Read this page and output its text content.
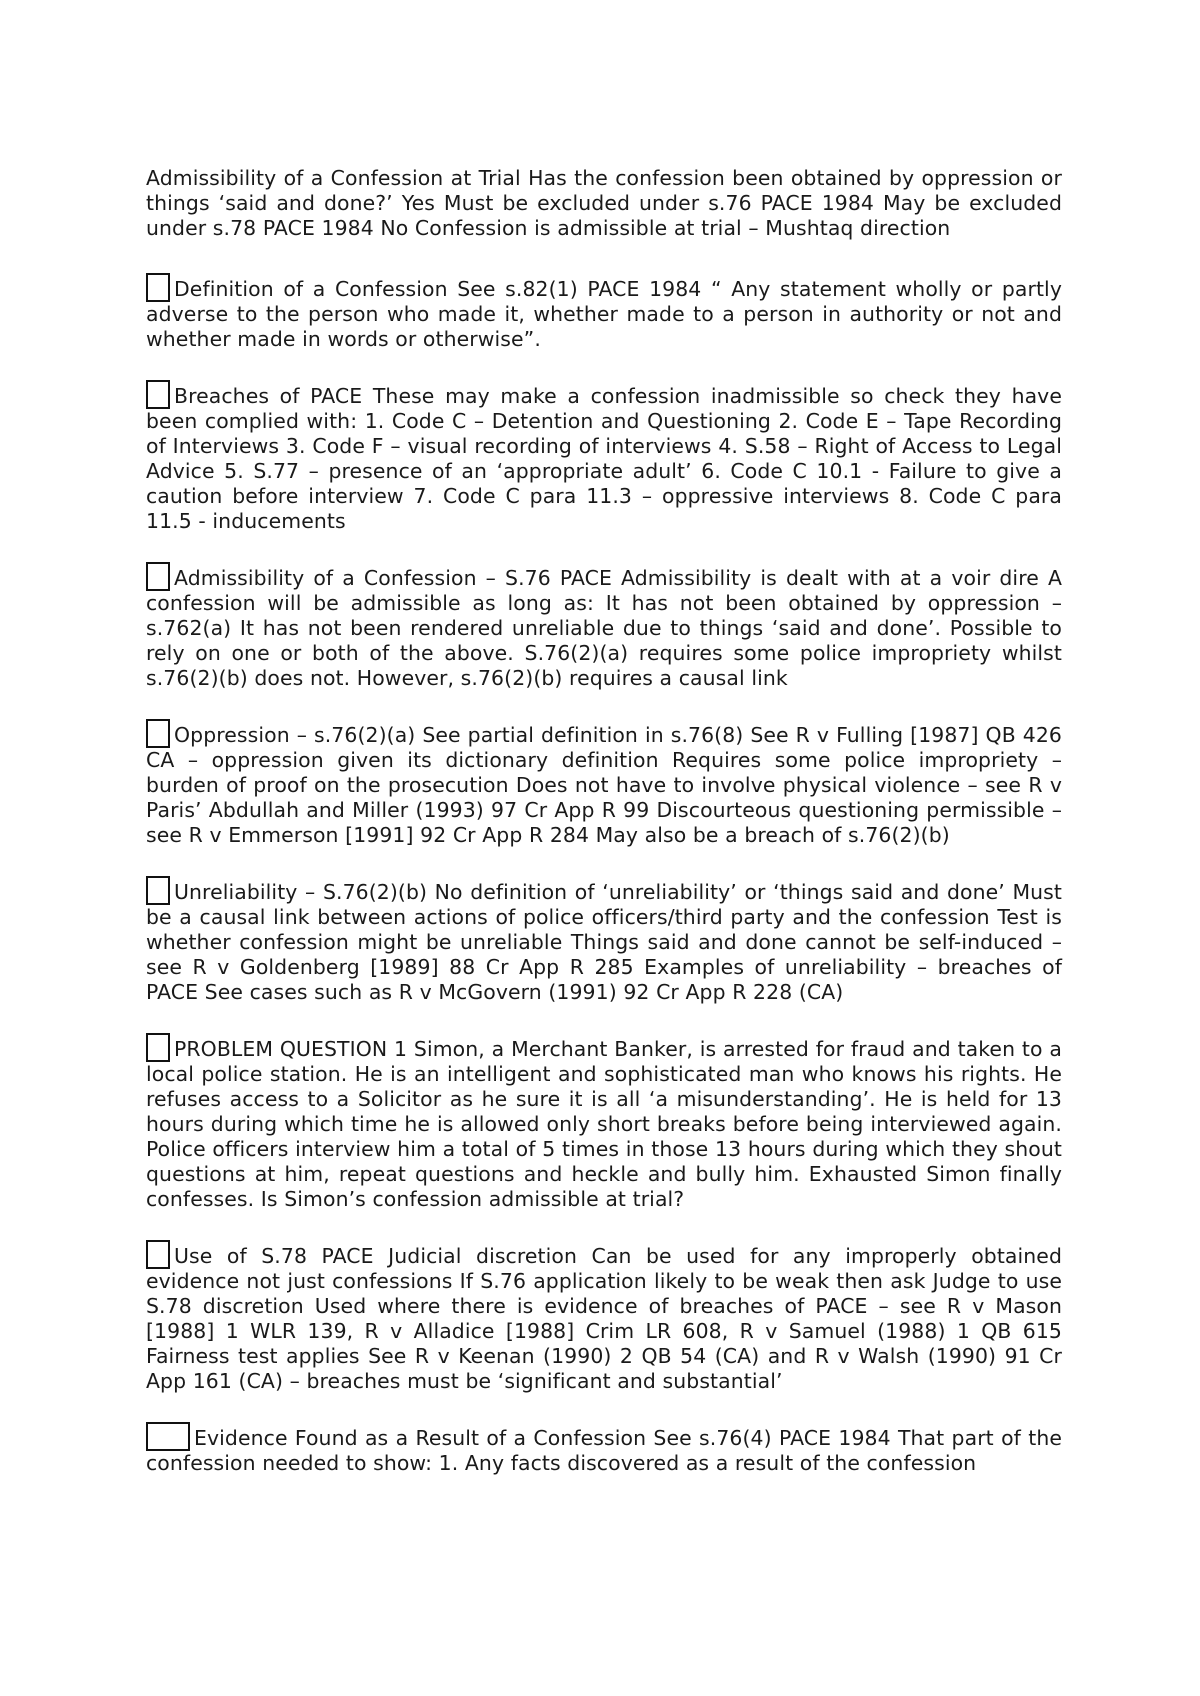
Admissibility of a Confession at Trial Has the confession been obtained by oppression or things ‘said and done?’ Yes Must be excluded under s.76 PACE 1984 May be excluded under s.78 PACE 1984 No Confession is admissible at trial – Mushtaq direction

Definition of a Confession See s.82(1) PACE 1984 “ Any statement wholly or partly adverse to the person who made it, whether made to a person in authority or not and whether made in words or otherwise”.

Breaches of PACE These may make a confession inadmissible so check they have been complied with: 1. Code C – Detention and Questioning 2. Code E – Tape Recording of Interviews 3. Code F – visual recording of interviews 4. S.58 – Right of Access to Legal Advice 5. S.77 – presence of an ‘appropriate adult’ 6. Code C 10.1 - Failure to give a caution before interview 7. Code C para 11.3 – oppressive interviews 8. Code C para 11.5 - inducements

Admissibility of a Confession – S.76 PACE Admissibility is dealt with at a voir dire A confession will be admissible as long as: It has not been obtained by oppression – s.762(a) It has not been rendered unreliable due to things ‘said and done’. Possible to rely on one or both of the above. S.76(2)(a) requires some police impropriety whilst s.76(2)(b) does not. However, s.76(2)(b) requires a causal link

Oppression – s.76(2)(a) See partial definition in s.76(8) See R v Fulling [1987] QB 426 CA – oppression given its dictionary definition Requires some police impropriety – burden of proof on the prosecution Does not have to involve physical violence – see R v Paris’ Abdullah and Miller (1993) 97 Cr App R 99 Discourteous questioning permissible – see R v Emmerson [1991] 92 Cr App R 284 May also be a breach of s.76(2)(b)

Unreliability – S.76(2)(b) No definition of ‘unreliability’ or ‘things said and done’ Must be a causal link between actions of police officers/third party and the confession Test is whether confession might be unreliable Things said and done cannot be self-induced – see R v Goldenberg [1989] 88 Cr App R 285 Examples of unreliability – breaches of PACE See cases such as R v McGovern (1991) 92 Cr App R 228 (CA)

PROBLEM QUESTION 1 Simon, a Merchant Banker, is arrested for fraud and taken to a local police station. He is an intelligent and sophisticated man who knows his rights. He refuses access to a Solicitor as he sure it is all ‘a misunderstanding’. He is held for 13 hours during which time he is allowed only short breaks before being interviewed again. Police officers interview him a total of 5 times in those 13 hours during which they shout questions at him, repeat questions and heckle and bully him. Exhausted Simon finally confesses. Is Simon’s confession admissible at trial?

Use of S.78 PACE Judicial discretion Can be used for any improperly obtained evidence not just confessions If S.76 application likely to be weak then ask Judge to use S.78 discretion Used where there is evidence of breaches of PACE – see R v Mason [1988] 1 WLR 139, R v Alladice [1988] Crim LR 608, R v Samuel (1988) 1 QB 615 Fairness test applies See R v Keenan (1990) 2 QB 54 (CA) and R v Walsh (1990) 91 Cr App 161 (CA) – breaches must be ‘significant and substantial’

Evidence Found as a Result of a Confession See s.76(4) PACE 1984 That part of the confession needed to show: 1. Any facts discovered as a result of the confession
